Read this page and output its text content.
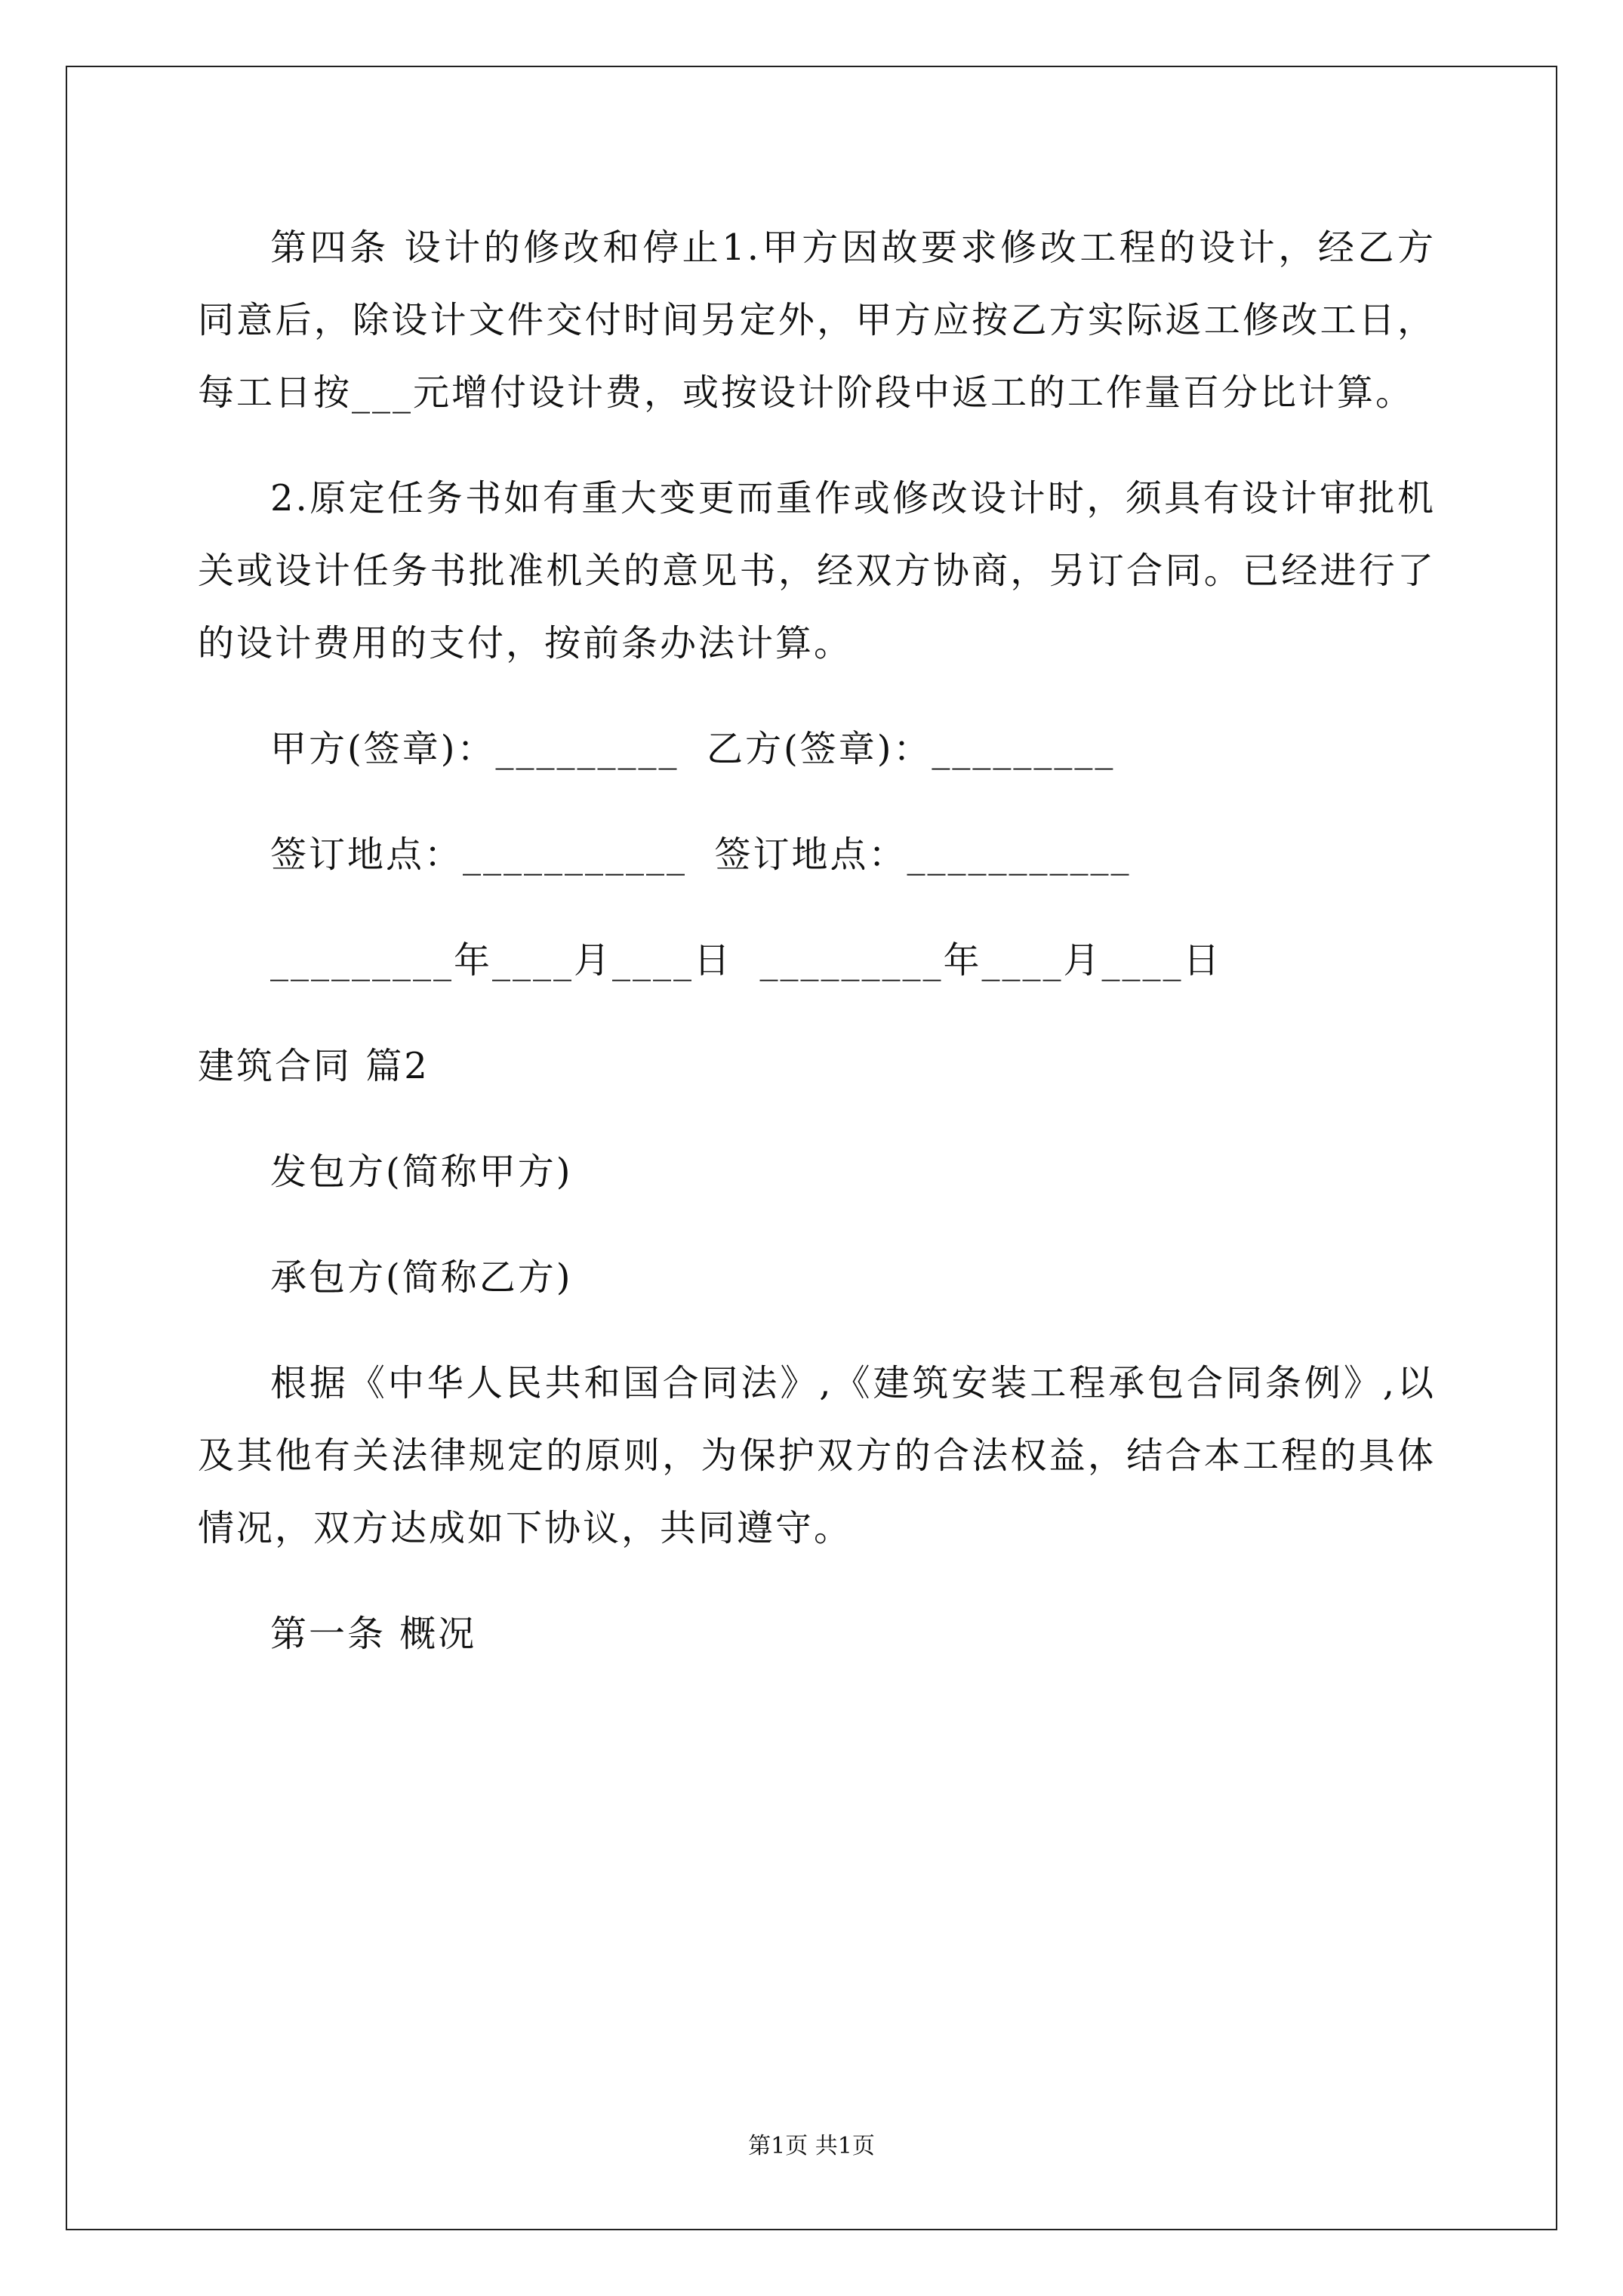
第四条 设计的修改和停止1.甲方因故要求修改工程的设计，经乙方同意后，除设计文件交付时间另定外，甲方应按乙方实际返工修改工日，每工日按___元增付设计费，或按设计阶段中返工的工作量百分比计算。

2.原定任务书如有重大变更而重作或修改设计时，须具有设计审批机关或设计任务书批准机关的意见书，经双方协商，另订合同。已经进行了的设计费用的支付，按前条办法计算。

甲方(签章)：_________  乙方(签章)：_________

签订地点：___________  签订地点：___________

_________年____月____日  _________年____月____日

建筑合同 篇2

发包方(简称甲方)

承包方(简称乙方)

根据《中华人民共和国合同法》,《建筑安装工程承包合同条例》,以及其他有关法律规定的原则，为保护双方的合法权益，结合本工程的具体情况，双方达成如下协议，共同遵守。

第一条 概况

第1页 共1页
